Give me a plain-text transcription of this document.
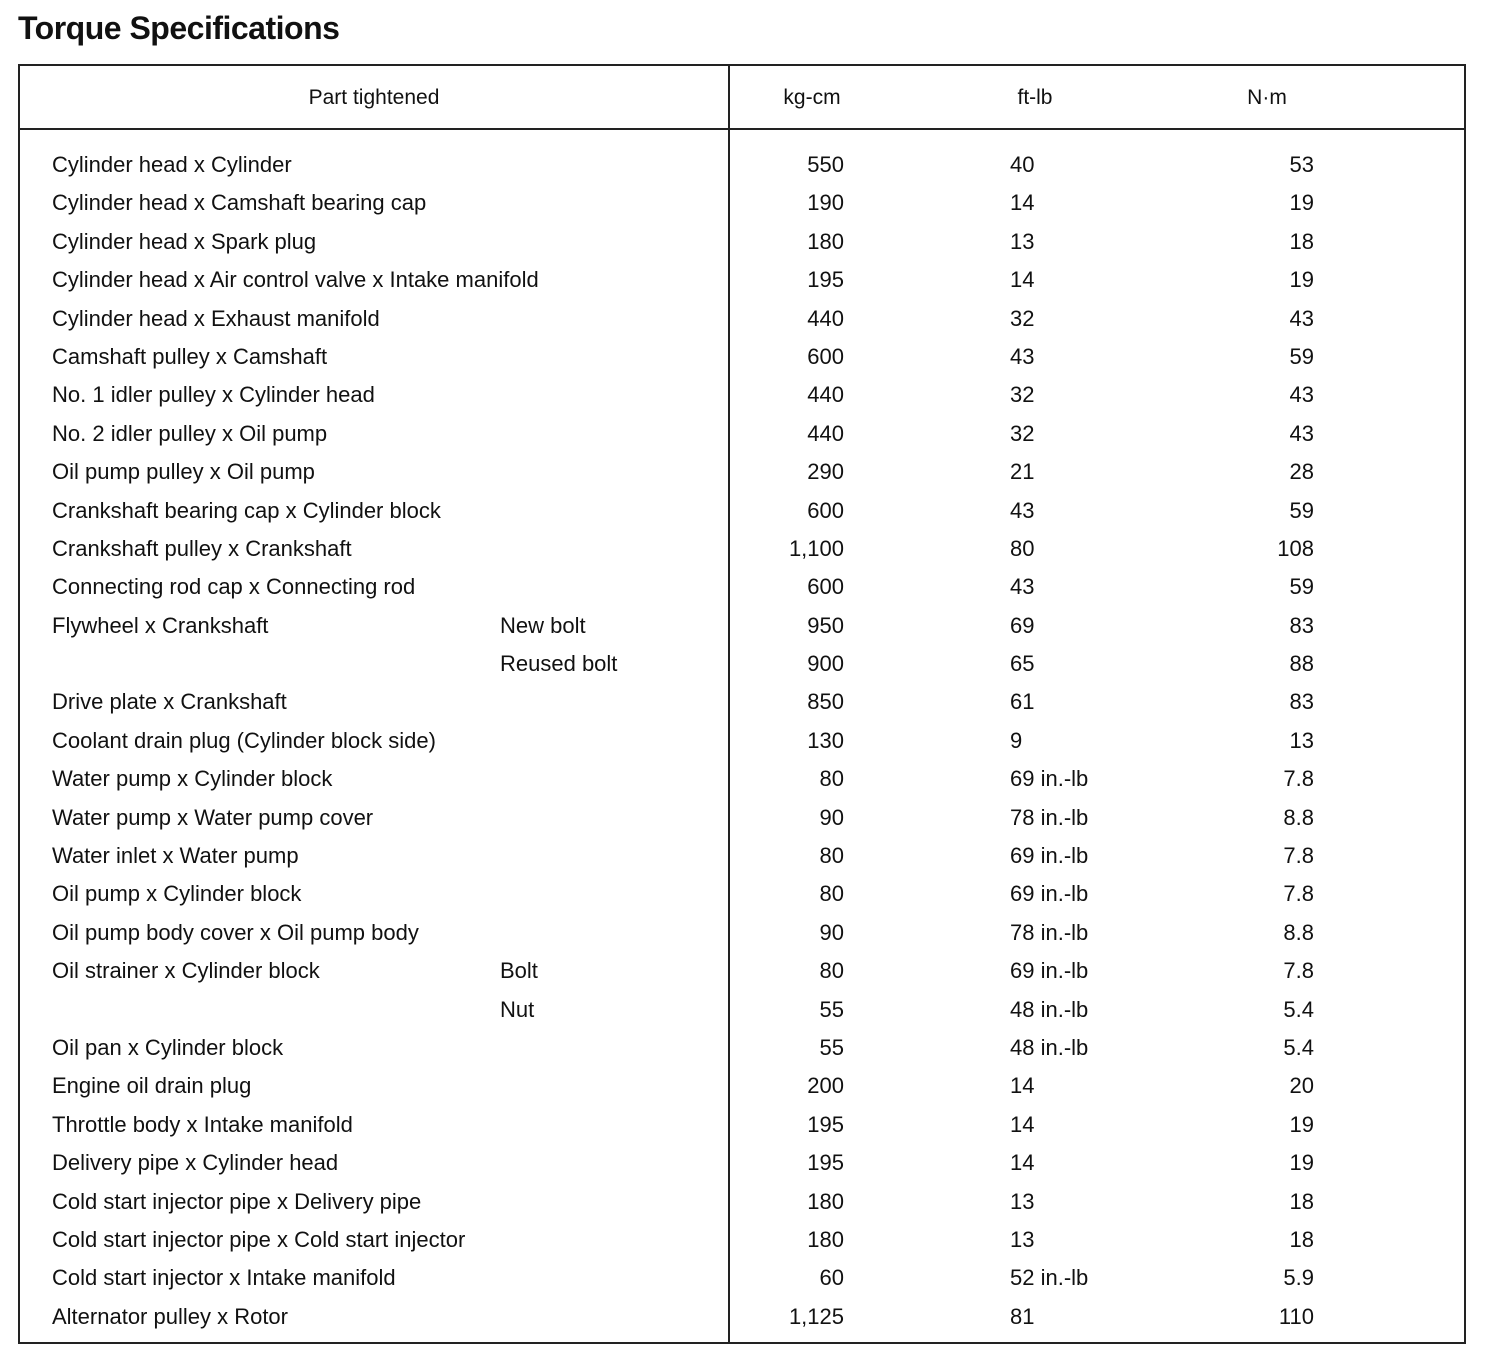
Torque Specifications
Part tightened	kg-cm	ft-lb	N·m
Cylinder head x Cylinder	550	40	53
Cylinder head x Camshaft bearing cap	190	14	19
Cylinder head x Spark plug	180	13	18
Cylinder head x Air control valve x Intake manifold	195	14	19
Cylinder head x Exhaust manifold	440	32	43
Camshaft pulley x Camshaft	600	43	59
No. 1 idler pulley x Cylinder head	440	32	43
No. 2 idler pulley x Oil pump	440	32	43
Oil pump pulley x Oil pump	290	21	28
Crankshaft bearing cap x Cylinder block	600	43	59
Crankshaft pulley x Crankshaft	1,100	80	108
Connecting rod cap x Connecting rod	600	43	59
Flywheel x Crankshaft	New bolt	950	69	83
Reused bolt	900	65	88
Drive plate x Crankshaft	850	61	83
Coolant drain plug (Cylinder block side)	130	9	13
Water pump x Cylinder block	80	69 in.-lb	7.8
Water pump x Water pump cover	90	78 in.-lb	8.8
Water inlet x Water pump	80	69 in.-lb	7.8
Oil pump x Cylinder block	80	69 in.-lb	7.8
Oil pump body cover x Oil pump body	90	78 in.-lb	8.8
Oil strainer x Cylinder block	Bolt	80	69 in.-lb	7.8
Nut	55	48 in.-lb	5.4
Oil pan x Cylinder block	55	48 in.-lb	5.4
Engine oil drain plug	200	14	20
Throttle body x Intake manifold	195	14	19
Delivery pipe x Cylinder head	195	14	19
Cold start injector pipe x Delivery pipe	180	13	18
Cold start injector pipe x Cold start injector	180	13	18
Cold start injector x Intake manifold	60	52 in.-lb	5.9
Alternator pulley x Rotor	1,125	81	110
